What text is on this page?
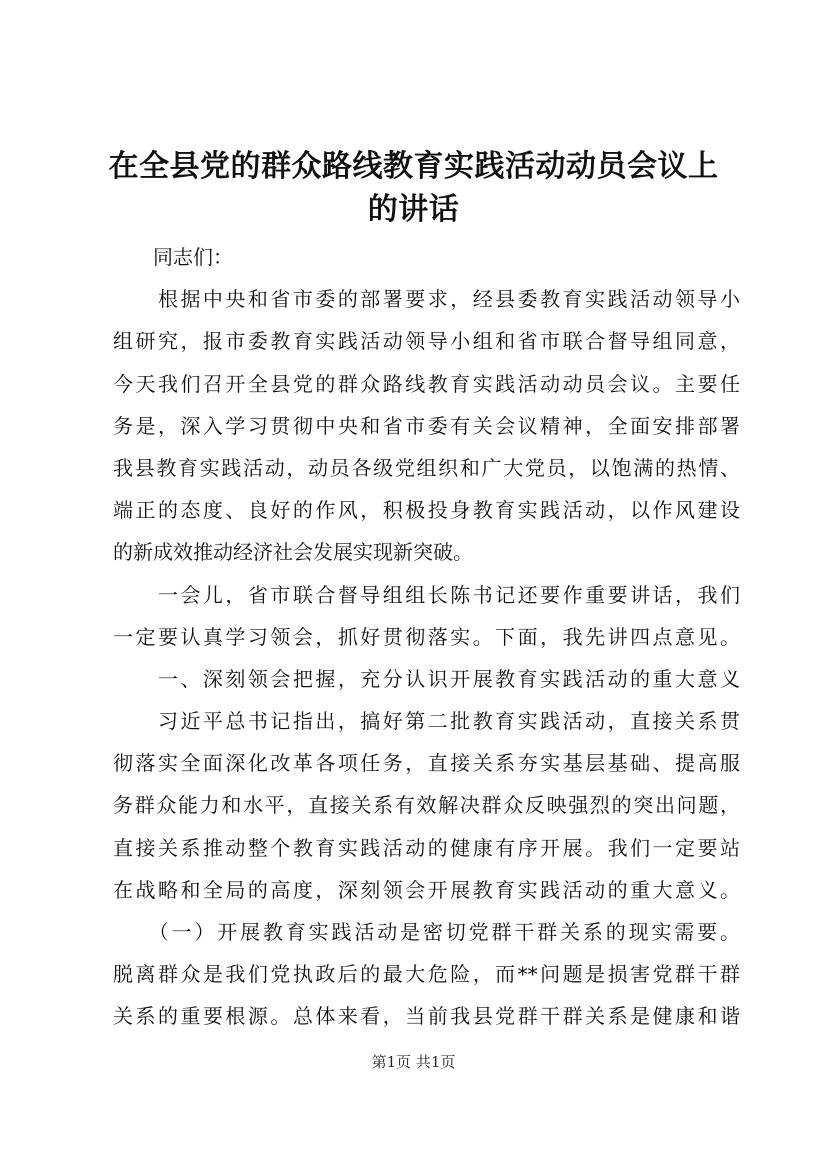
在全县党的群众路线教育实践活动动员会议上
的讲话
　　同志们：
　　根据中央和省市委的部署要求，经县委教育实践活动领导小
组研究，报市委教育实践活动领导小组和省市联合督导组同意，
今天我们召开全县党的群众路线教育实践活动动员会议。主要任
务是，深入学习贯彻中央和省市委有关会议精神，全面安排部署
我县教育实践活动，动员各级党组织和广大党员，以饱满的热情、
端正的态度、良好的作风，积极投身教育实践活动，以作风建设
的新成效推动经济社会发展实现新突破。
　　一会儿，省市联合督导组组长陈书记还要作重要讲话，我们
一定要认真学习领会，抓好贯彻落实。下面，我先讲四点意见。
　　一、深刻领会把握，充分认识开展教育实践活动的重大意义
　　习近平总书记指出，搞好第二批教育实践活动，直接关系贯
彻落实全面深化改革各项任务，直接关系夯实基层基础、提高服
务群众能力和水平，直接关系有效解决群众反映强烈的突出问题，
直接关系推动整个教育实践活动的健康有序开展。我们一定要站
在战略和全局的高度，深刻领会开展教育实践活动的重大意义。
　　（一）开展教育实践活动是密切党群干群关系的现实需要。
脱离群众是我们党执政后的最大危险，而**问题是损害党群干群
关系的重要根源。总体来看，当前我县党群干群关系是健康和谐
第1页 共1页
